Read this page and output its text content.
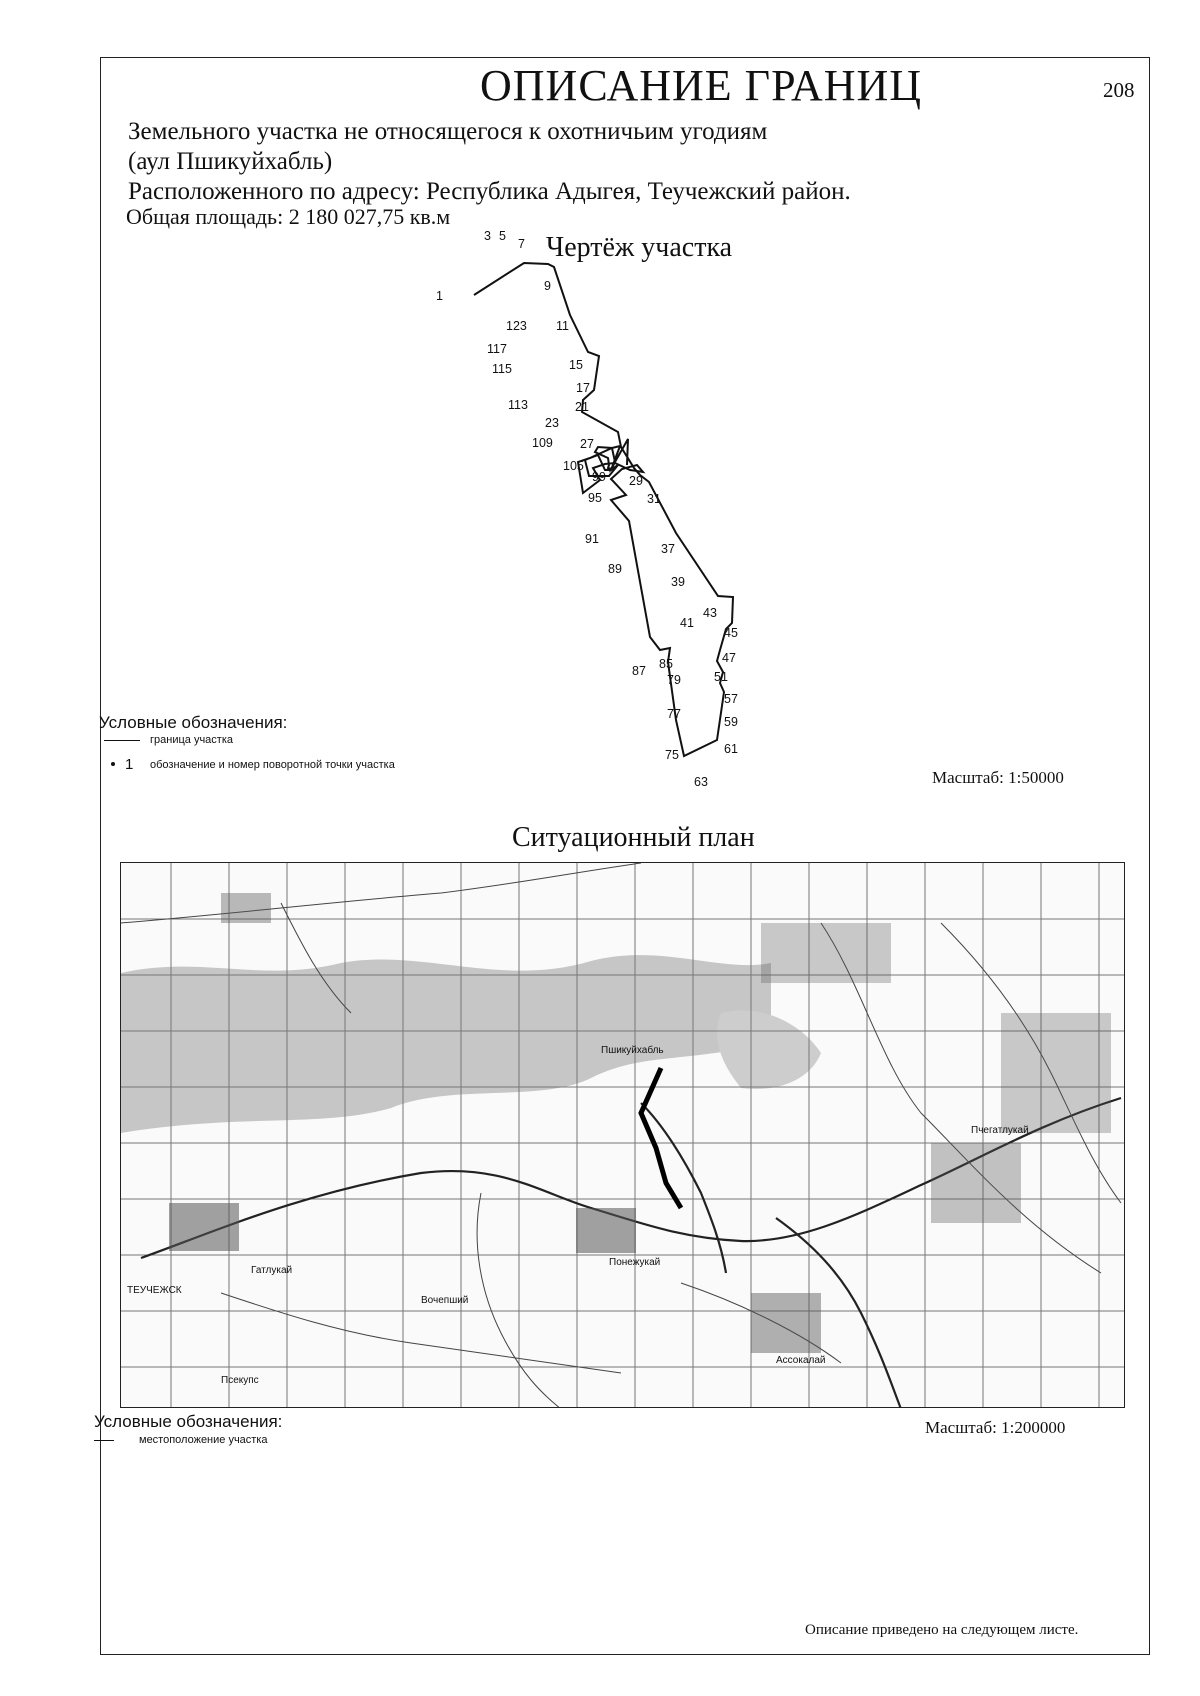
ОПИСАНИЕ ГРАНИЦ	208
Земельного участка не относящегося к охотничьим угодиям
(аул Пшикуйхабль)
Расположенного по адресу: Республика Адыгея, Теучежский район.
Общая площадь: 2 180 027,75 кв.м
Чертёж участка
1
3 5
7
9
11
15
17
21
23
27
29
31
37
39
41
43
45
47
51
57
59
61
63
75
77
79
85
87
89
91
95
99
105
109
113
115
117
123
Условные обозначения:
граница участка
1 обозначение и номер поворотной точки участка
Масштаб: 1:50000
Ситуационный план
ТЕУЧЕЖСК
Гатлукай
Понежукай
Ассокалай
Пчегатлукай
Вочепший
Псекупс
Пшикуйхабль
Условные обозначения:
местоположение участка
Масштаб: 1:200000
Описание приведено на следующем листе.
